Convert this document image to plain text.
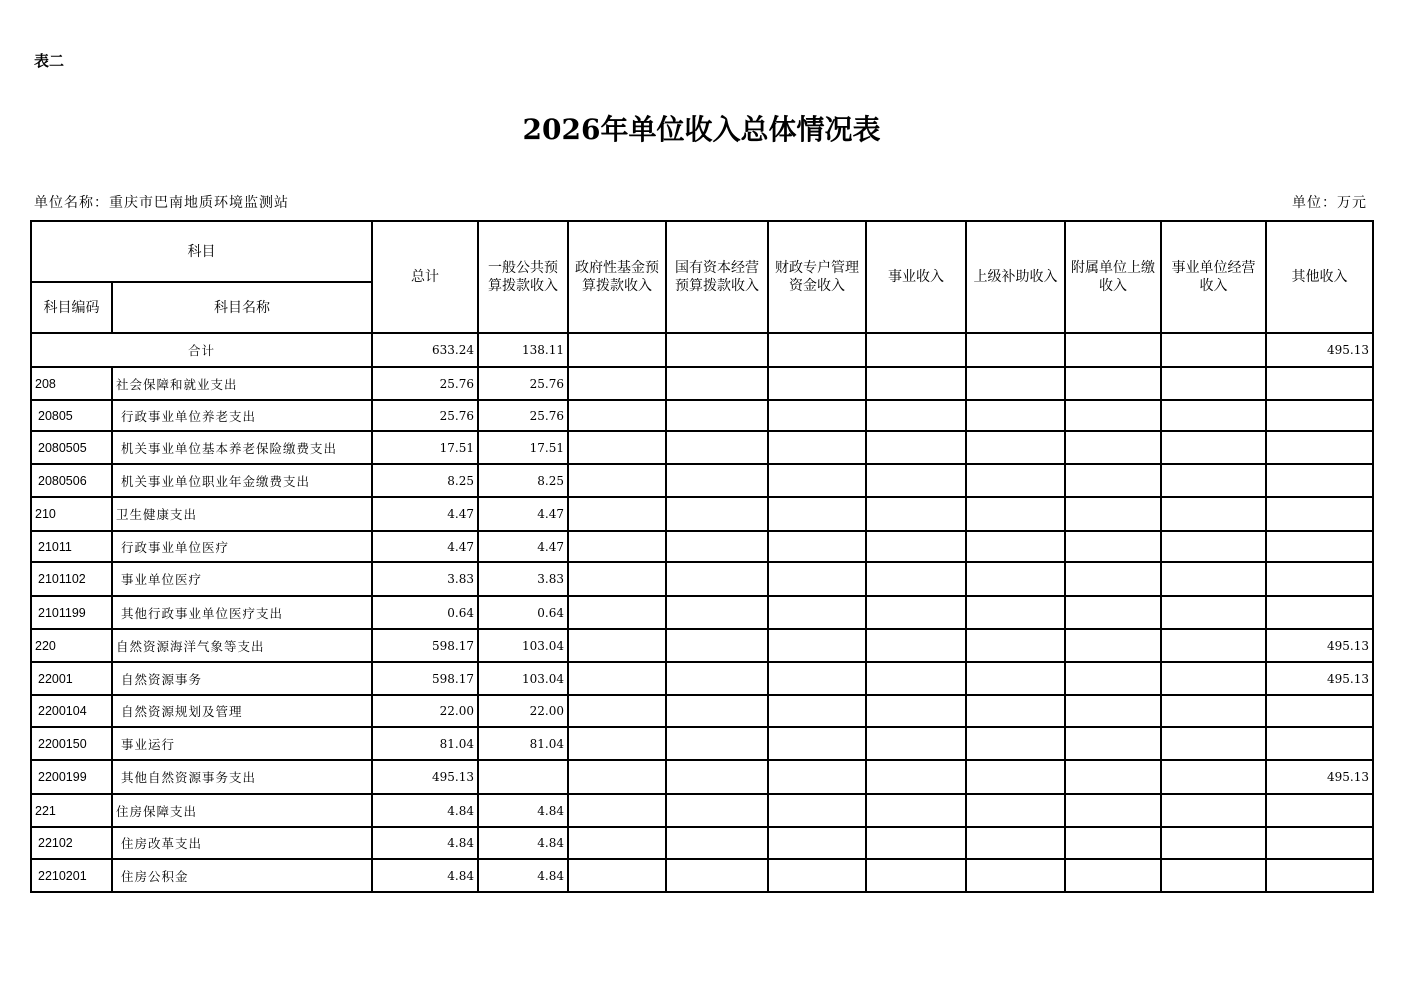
表二
2026年单位收入总体情况表
单位名称：重庆市巴南地质环境监测站	单位：万元
科目		总计	一般公共预算拨款收入	政府性基金预算拨款收入	国有资本经营预算拨款收入	财政专户管理资金收入	事业收入	上级补助收入	附属单位上缴收入	事业单位经营收入	其他收入
科目编码	科目名称										
合计		633.24	138.11								495.13
208	社会保障和就业支出	25.76	25.76								
20805	行政事业单位养老支出	25.76	25.76								
2080505	机关事业单位基本养老保险缴费支出	17.51	17.51								
2080506	机关事业单位职业年金缴费支出	8.25	8.25								
210	卫生健康支出	4.47	4.47								
21011	行政事业单位医疗	4.47	4.47								
2101102	事业单位医疗	3.83	3.83								
2101199	其他行政事业单位医疗支出	0.64	0.64								
220	自然资源海洋气象等支出	598.17	103.04								495.13
22001	自然资源事务	598.17	103.04								495.13
2200104	自然资源规划及管理	22.00	22.00								
2200150	事业运行	81.04	81.04								
2200199	其他自然资源事务支出	495.13									495.13
221	住房保障支出	4.84	4.84								
22102	住房改革支出	4.84	4.84								
2210201	住房公积金	4.84	4.84								
